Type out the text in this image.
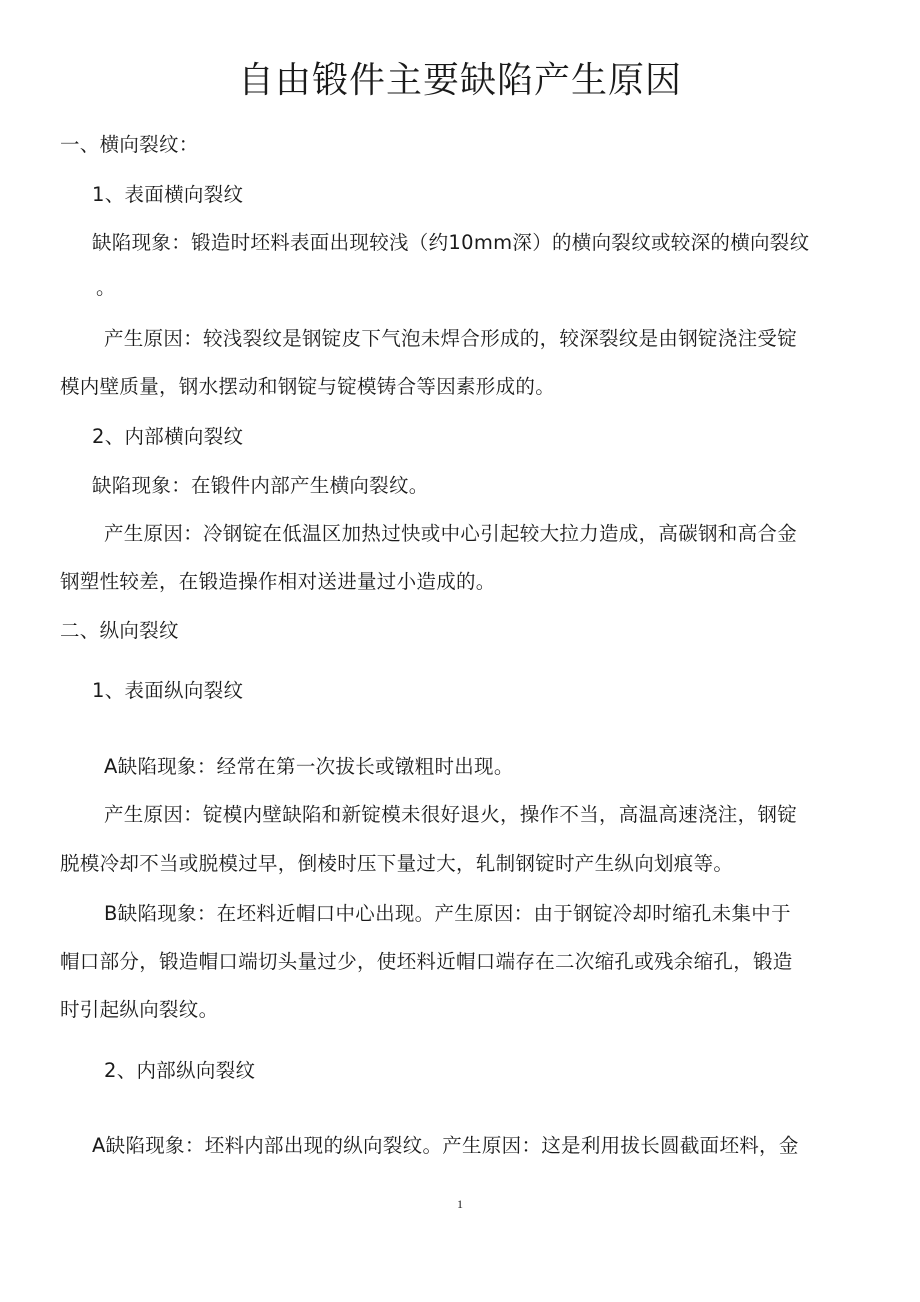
自由锻件主要缺陷产生原因
一、横向裂纹：
1、表面横向裂纹
缺陷现象：锻造时坯料表面出现较浅（约10mm深）的横向裂纹或较深的横向裂纹
。
产生原因：较浅裂纹是钢锭皮下气泡未焊合形成的，较深裂纹是由钢锭浇注受锭
模内壁质量，钢水摆动和钢锭与锭模铸合等因素形成的。
2、内部横向裂纹
缺陷现象：在锻件内部产生横向裂纹。
产生原因：冷钢锭在低温区加热过快或中心引起较大拉力造成，高碳钢和高合金
钢塑性较差，在锻造操作相对送进量过小造成的。
二、纵向裂纹
1、表面纵向裂纹
A缺陷现象：经常在第一次拔长或镦粗时出现。
产生原因：锭模内壁缺陷和新锭模未很好退火，操作不当，高温高速浇注，钢锭
脱模冷却不当或脱模过早，倒棱时压下量过大，轧制钢锭时产生纵向划痕等。
B缺陷现象：在坯料近帽口中心出现。产生原因：由于钢锭冷却时缩孔未集中于
帽口部分，锻造帽口端切头量过少，使坯料近帽口端存在二次缩孔或残余缩孔，锻造
时引起纵向裂纹。
2、内部纵向裂纹
A缺陷现象：坯料内部出现的纵向裂纹。产生原因：这是利用拔长圆截面坯料，金
1
